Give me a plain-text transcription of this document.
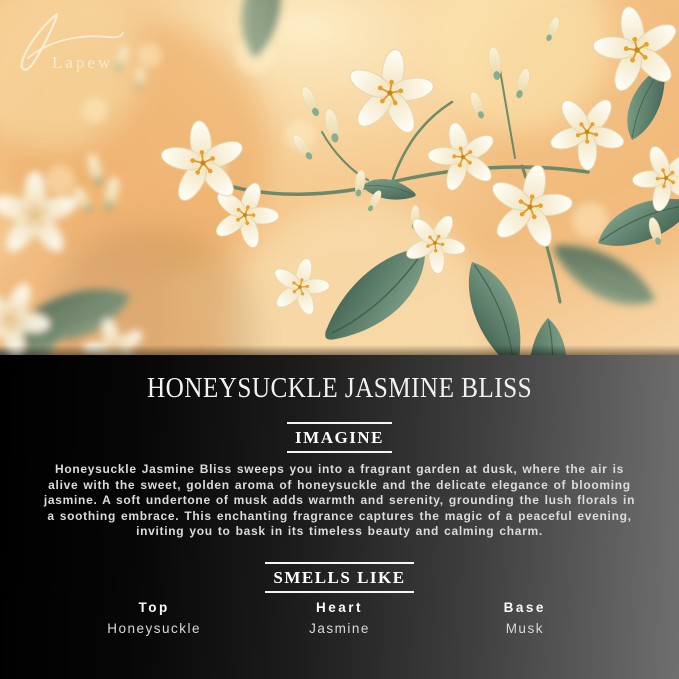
Lapew
HONEYSUCKLE JASMINE BLISS
IMAGINE

Honeysuckle Jasmine Bliss sweeps you into a fragrant garden at dusk, where the air is alive with the sweet, golden aroma of honeysuckle and the delicate elegance of blooming jasmine. A soft undertone of musk adds warmth and serenity, grounding the lush florals in a soothing embrace. This enchanting fragrance captures the magic of a peaceful evening, inviting you to bask in its timeless beauty and calming charm.

SMELLS LIKE
Top
Honeysuckle
Heart
Jasmine
Base
Musk
